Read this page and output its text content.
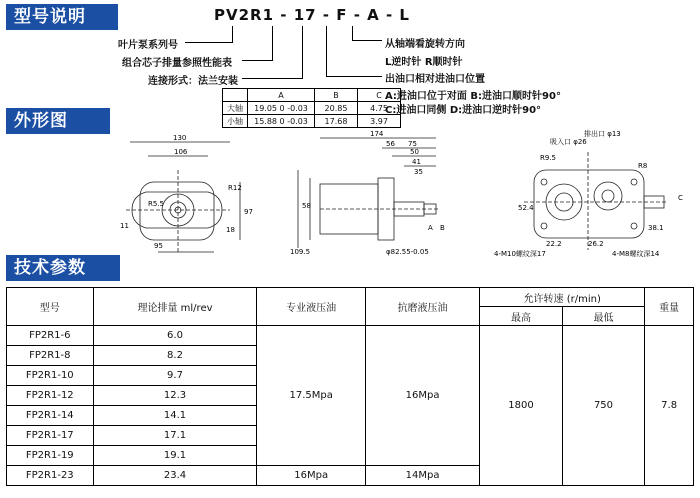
型号说明	PV2R1 - 17 - F - A - L
叶片泵系列号
组合芯子排量参照性能表
连接形式：法兰安装
从轴端看旋转方向
L逆时针 R顺时针
出油口相对进油口位置
A:进油口位于对面 B:进油口顺时针90°
C:进油口同侧 D:进油口逆时针90°
	A	B	C
大轴	19.05 0 -0.03	20.85	4.75
小轴	15.88 0 -0.03	17.68	3.97
外形图
130
106
R12
R5.5
11	18
97
95
174
56 75
50
41
35
58
109.5
A B
φ82.55-0.05
吸入口 φ26
排出口 φ13
R9.5
R8
52.4
22.2	26.2
38.1
C
4-M10螺纹深17	4-M8螺纹深14
技术参数
型号	理论排量 ml/rev	专业液压油	抗磨液压油	允许转速 (r/min)		重量
				最高	最低	
FP2R1-6	6.0	17.5Mpa	16Mpa	1800	750	7.8
FP2R1-8	8.2					
FP2R1-10	9.7					
FP2R1-12	12.3					
FP2R1-14	14.1					
FP2R1-17	17.1					
FP2R1-19	19.1					
FP2R1-23	23.4	16Mpa	14Mpa			
